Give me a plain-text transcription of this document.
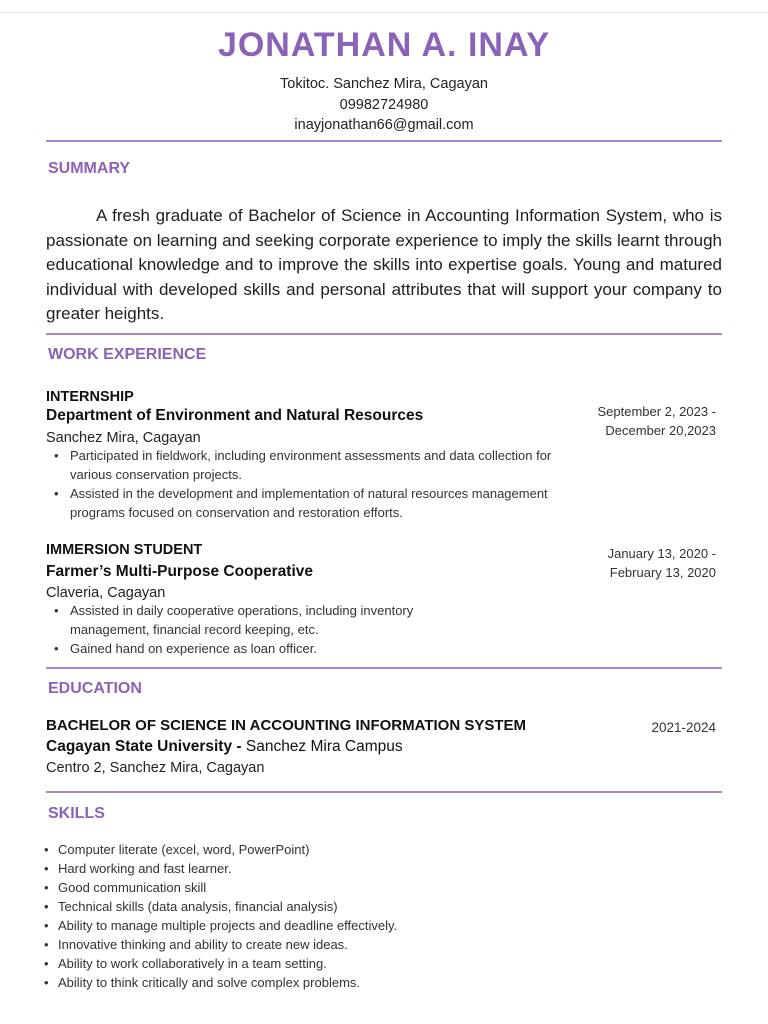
JONATHAN A. INAY
Tokitoc. Sanchez Mira, Cagayan
09982724980
inayjonathan66@gmail.com
SUMMARY
A fresh graduate of Bachelor of Science in Accounting Information System, who is passionate on learning and seeking corporate experience to imply the skills learnt through educational knowledge and to improve the skills into expertise goals. Young and matured individual with developed skills and personal attributes that will support your company to greater heights.
WORK EXPERIENCE
INTERNSHIP
Department of Environment and Natural Resources
Sanchez Mira, Cagayan
September 2, 2023 -
December 20,2023
• Participated in fieldwork, including environment assessments and data collection for various conservation projects.
• Assisted in the development and implementation of natural resources management programs focused on conservation and restoration efforts.
IMMERSION STUDENT
Farmer’s Multi-Purpose Cooperative
Claveria, Cagayan
January 13, 2020 -
February 13, 2020
• Assisted in daily cooperative operations, including inventory management, financial record keeping, etc.
• Gained hand on experience as loan officer.
EDUCATION
BACHELOR OF SCIENCE IN ACCOUNTING INFORMATION SYSTEM	2021-2024
Cagayan State University - Sanchez Mira Campus
Centro 2, Sanchez Mira, Cagayan
SKILLS
• Computer literate (excel, word, PowerPoint)
• Hard working and fast learner.
• Good communication skill
• Technical skills (data analysis, financial analysis)
• Ability to manage multiple projects and deadline effectively.
• Innovative thinking and ability to create new ideas.
• Ability to work collaboratively in a team setting.
• Ability to think critically and solve complex problems.
